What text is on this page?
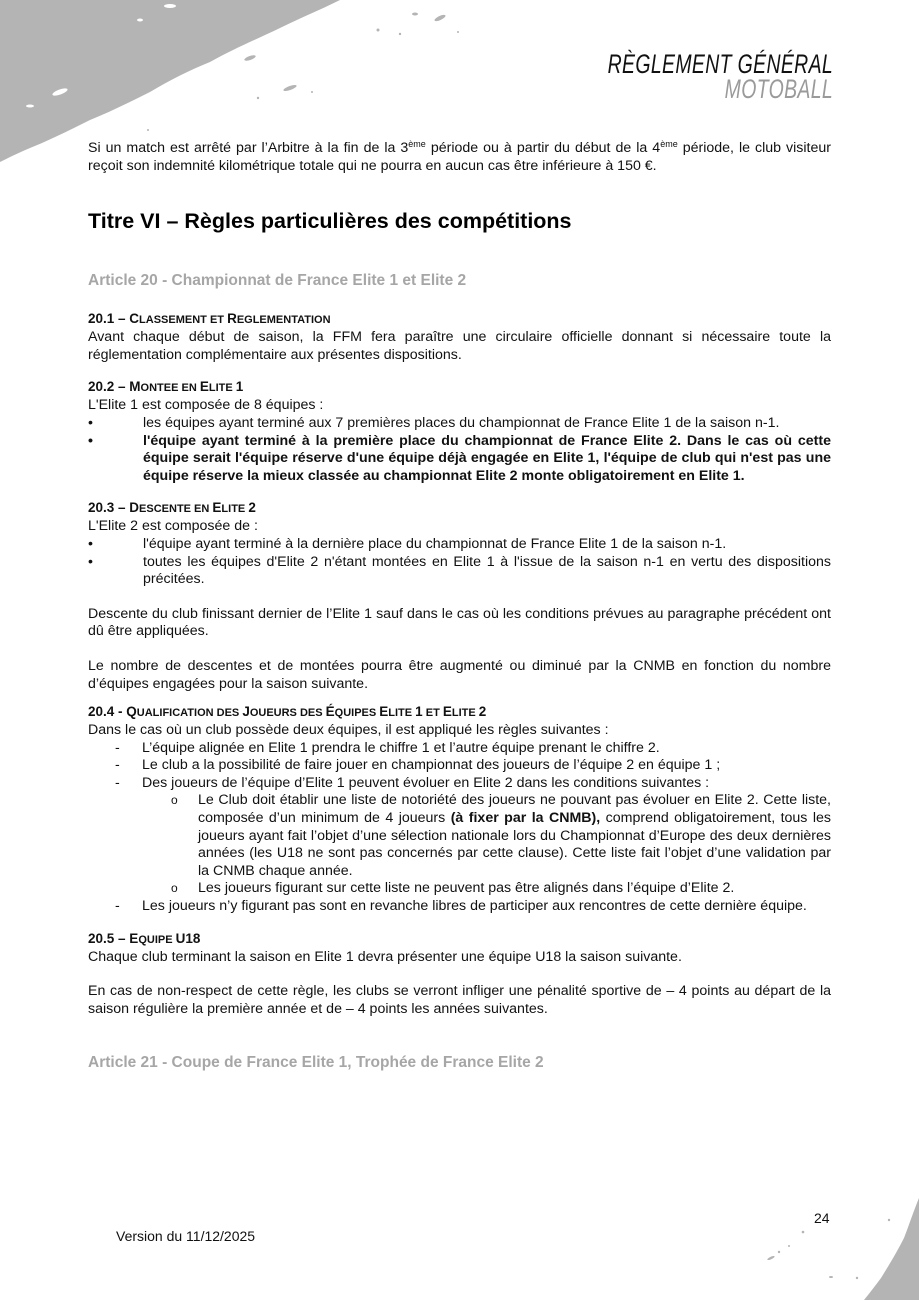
RÈGLEMENT GÉNÉRAL
MOTOBALL

Si un match est arrêté par l’Arbitre à la fin de la 3ème période ou à partir du début de la 4ème période, le club visiteur reçoit son indemnité kilométrique totale qui ne pourra en aucun cas être inférieure à 150 €.

Titre VI – Règles particulières des compétitions
Article 20 - Championnat de France Elite 1 et Elite 2
20.1 – CLASSEMENT ET REGLEMENTATION

Avant chaque début de saison, la FFM fera paraître une circulaire officielle donnant si nécessaire toute la réglementation complémentaire aux présentes dispositions.

20.2 – MONTEE EN ELITE 1

L'Elite 1 est composée de 8 équipes :

•	les équipes ayant terminé aux 7 premières places du championnat de France Elite 1 de la saison n-1.
•	l'équipe ayant terminé à la première place du championnat de France Elite 2. Dans le cas où cette équipe serait l'équipe réserve d'une équipe déjà engagée en Elite 1, l'équipe de club qui n'est pas une équipe réserve la mieux classée au championnat Elite 2 monte obligatoirement en Elite 1.
20.3 – DESCENTE EN ELITE 2

L'Elite 2 est composée de :

•	l'équipe ayant terminé à la dernière place du championnat de France Elite 1 de la saison n-1.
•	toutes les équipes d'Elite 2 n'étant montées en Elite 1 à l'issue de la saison n-1 en vertu des dispositions précitées.

Descente du club finissant dernier de l’Elite 1 sauf dans le cas où les conditions prévues au paragraphe précédent ont dû être appliquées.

Le nombre de descentes et de montées pourra être augmenté ou diminué par la CNMB en fonction du nombre d’équipes engagées pour la saison suivante.

20.4 - QUALIFICATION DES JOUEURS DES ÉQUIPES ELITE 1 ET ELITE 2

Dans le cas où un club possède deux équipes, il est appliqué les règles suivantes :

- L’équipe alignée en Elite 1 prendra le chiffre 1 et l’autre équipe prenant le chiffre 2.
- Le club a la possibilité de faire jouer en championnat des joueurs de l’équipe 2 en équipe 1 ;
- Des joueurs de l’équipe d’Elite 1 peuvent évoluer en Elite 2 dans les conditions suivantes :
o Le Club doit établir une liste de notoriété des joueurs ne pouvant pas évoluer en Elite 2. Cette liste, composée d’un minimum de 4 joueurs (à fixer par la CNMB), comprend obligatoirement, tous les joueurs ayant fait l’objet d’une sélection nationale lors du Championnat d’Europe des deux dernières années (les U18 ne sont pas concernés par cette clause). Cette liste fait l’objet d’une validation par la CNMB chaque année.
o Les joueurs figurant sur cette liste ne peuvent pas être alignés dans l’équipe d’Elite 2.
- Les joueurs n’y figurant pas sont en revanche libres de participer aux rencontres de cette dernière équipe.
20.5 – EQUIPE U18

Chaque club terminant la saison en Elite 1 devra présenter une équipe U18 la saison suivante.

En cas de non-respect de cette règle, les clubs se verront infliger une pénalité sportive de – 4 points au départ de la saison régulière la première année et de – 4 points les années suivantes.

Article 21 - Coupe de France Elite 1, Trophée de France Elite 2
24
Version du 11/12/2025
